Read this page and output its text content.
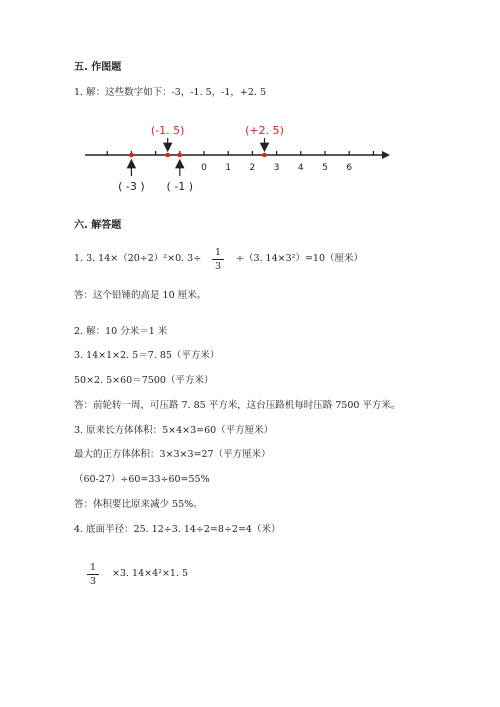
五. 作图题
1. 解：这些数字如下：-3，-1. 5，-1，+2. 5
0 1 2 3 4 5 6
( -3 )
(-1. 5)
( -1 )
(+2. 5)
六. 解答题
1. 3. 14×（20÷2）²×0. 3÷
1
3
÷（3. 14×3²）=10（厘米）
答：这个铅锤的高是 10 厘米。
2. 解：10 分米＝1 米
3. 14×1×2. 5＝7. 85（平方米）
50×2. 5×60＝7500（平方米）
答：前轮转一周，可压路 7. 85 平方米，这台压路机每时压路 7500 平方米。
3. 原来长方体体积：5×4×3=60（平方厘米）
最大的正方体体积：3×3×3=27（平方厘米）
（60-27）÷60=33÷60=55%
答：体积要比原来减少 55%。
4. 底面半径：25. 12÷3. 14÷2=8÷2=4（米）
1
3
×3. 14×4²×1. 5
